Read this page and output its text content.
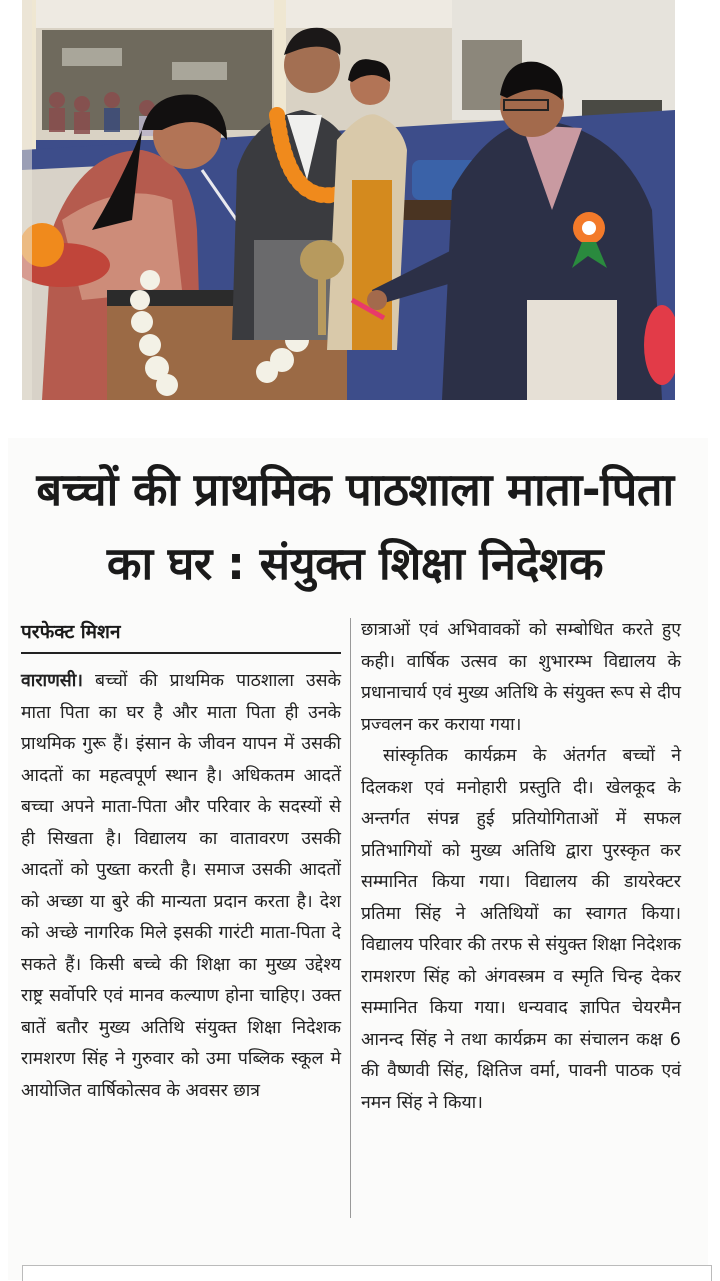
बच्चों की प्राथमिक पाठशाला माता-पिता
का घर : संयुक्त शिक्षा निदेशक
परफेक्ट मिशन

वाराणसी। बच्चों की प्राथमिक पाठशाला उसके माता पिता का घर है और माता पिता ही उनके प्राथमिक गुरू हैं। इंसान के जीवन यापन में उसकी आदतों का महत्वपूर्ण स्थान है। अधिकतम आदतें बच्चा अपने माता-पिता और परिवार के सदस्यों से ही सिखता है। विद्यालय का वातावरण उसकी आदतों को पुख्ता करती है। समाज उसकी आदतों को अच्छा या बुरे की मान्यता प्रदान करता है। देश को अच्छे नागरिक मिले इसकी गारंटी माता-पिता दे सकते हैं। किसी बच्चे की शिक्षा का मुख्य उद्देश्य राष्ट्र सर्वोपरि एवं मानव कल्याण होना चाहिए। उक्त बातें बतौर मुख्य अतिथि संयुक्त शिक्षा निदेशक रामशरण सिंह ने गुरुवार को उमा पब्लिक स्कूल मे आयोजित वार्षिकोत्सव के अवसर छात्र

छात्राओं एवं अभिवावकों को सम्बोधित करते हुए कही। वार्षिक उत्सव का शुभारम्भ विद्यालय के प्रधानाचार्य एवं मुख्य अतिथि के संयुक्त रूप से दीप प्रज्वलन कर कराया गया।

सांस्कृतिक कार्यक्रम के अंतर्गत बच्चों ने दिलकश एवं मनोहारी प्रस्तुति दी। खेलकूद के अन्तर्गत संपन्न हुई प्रतियोगिताओं में सफल प्रतिभागियों को मुख्य अतिथि द्वारा पुरस्कृत कर सम्मानित किया गया। विद्यालय की डायरेक्टर प्रतिमा सिंह ने अतिथियों का स्वागत किया। विद्यालय परिवार की तरफ से संयुक्त शिक्षा निदेशक रामशरण सिंह को अंगवस्त्रम व स्मृति चिन्ह देकर सम्मानित किया गया। धन्यवाद ज्ञापित चेयरमैन आनन्द सिंह ने तथा कार्यक्रम का संचालन कक्ष 6 की वैष्णवी सिंह, क्षितिज वर्मा, पावनी पाठक एवं नमन सिंह ने किया।
